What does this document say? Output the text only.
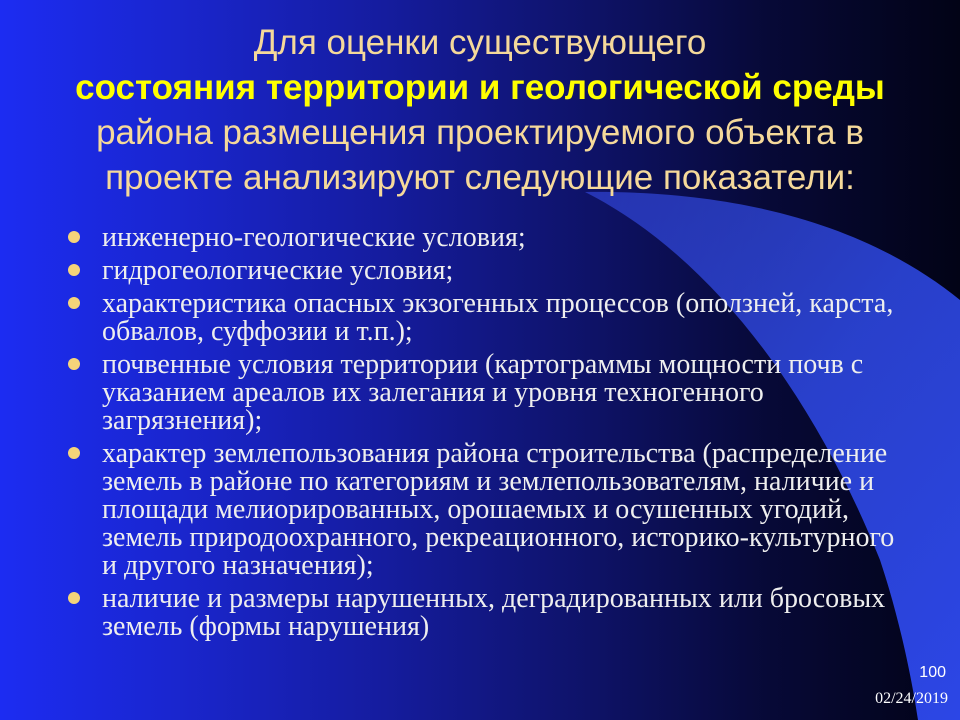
Для оценки существующего
состояния территории и геологической среды
района размещения проектируемого объекта в
проекте анализируют следующие показатели:
инженерно-геологические условия;
гидрогеологические условия;
характеристика опасных экзогенных процессов (оползней, карста, обвалов, суффозии и т.п.);
почвенные условия территории (картограммы мощности почв с указанием ареалов их залегания и уровня техногенного загрязнения);
характер землепользования района строительства (распределение земель в районе по категориям и землепользователям, наличие и площади мелиорированных, орошаемых и осушенных угодий, земель природоохранного, рекреационного, историко-культурного и другого назначения);
наличие и размеры нарушенных, деградированных или бросовых земель (формы нарушения)
100
02/24/2019
